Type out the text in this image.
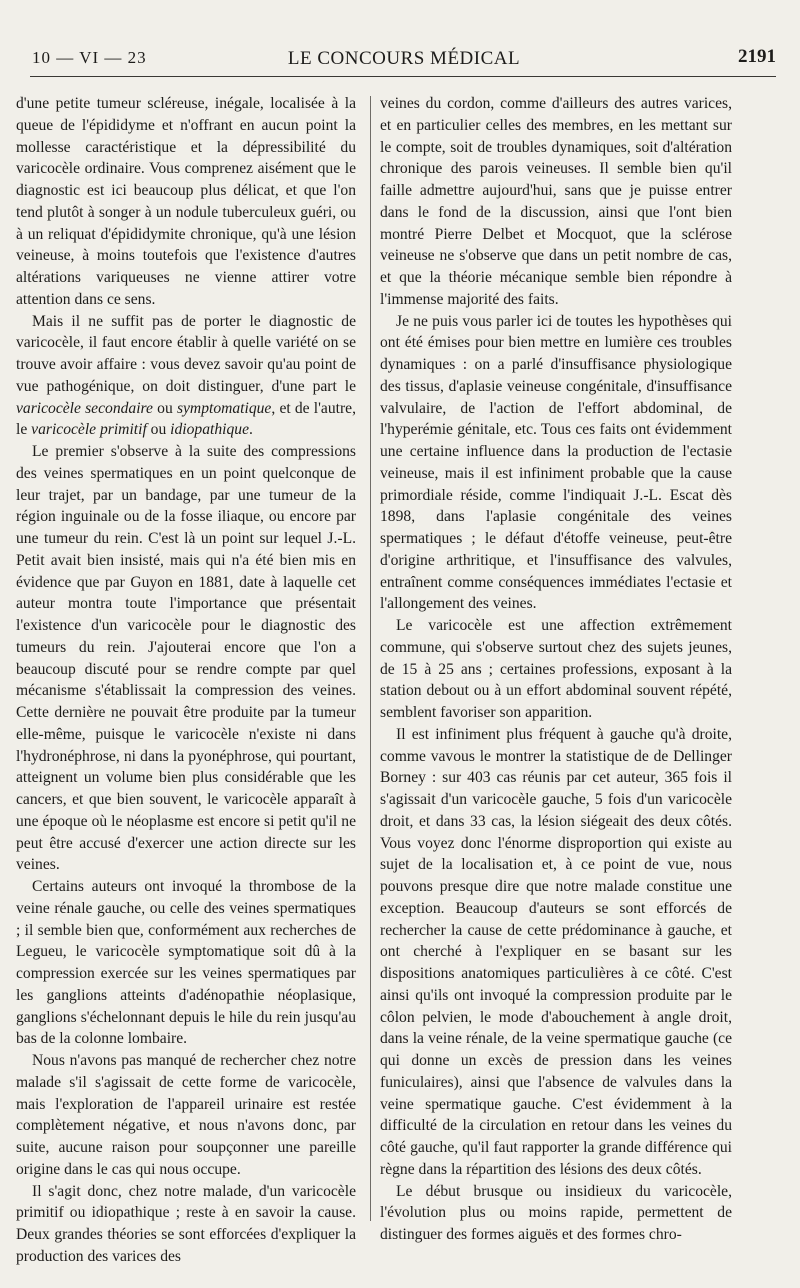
10 — VI — 23	LE CONCOURS MÉDICAL	2191

d'une petite tumeur scléreuse, inégale, localisée à la queue de l'épididyme et n'offrant en aucun point la mollesse caractéristique et la dépressibilité du varicocèle ordinaire. Vous comprenez aisément que le diagnostic est ici beaucoup plus délicat, et que l'on tend plutôt à songer à un nodule tuberculeux guéri, ou à un reliquat d'épididymite chronique, qu'à une lésion veineuse, à moins toutefois que l'existence d'autres altérations variqueuses ne vienne attirer votre attention dans ce sens.

Mais il ne suffit pas de porter le diagnostic de varicocèle, il faut encore établir à quelle variété on se trouve avoir affaire : vous devez savoir qu'au point de vue pathogénique, on doit distinguer, d'une part le varicocèle secondaire ou symptomatique, et de l'autre, le varicocèle primitif ou idiopathique.

Le premier s'observe à la suite des compressions des veines spermatiques en un point quelconque de leur trajet, par un bandage, par une tumeur de la région inguinale ou de la fosse iliaque, ou encore par une tumeur du rein. C'est là un point sur lequel J.-L. Petit avait bien insisté, mais qui n'a été bien mis en évidence que par Guyon en 1881, date à laquelle cet auteur montra toute l'importance que présentait l'existence d'un varicocèle pour le diagnostic des tumeurs du rein. J'ajouterai encore que l'on a beaucoup discuté pour se rendre compte par quel mécanisme s'établissait la compression des veines. Cette dernière ne pouvait être produite par la tumeur elle-même, puisque le varicocèle n'existe ni dans l'hydronéphrose, ni dans la pyonéphrose, qui pourtant, atteignent un volume bien plus considérable que les cancers, et que bien souvent, le varicocèle apparaît à une époque où le néoplasme est encore si petit qu'il ne peut être accusé d'exercer une action directe sur les veines.

Certains auteurs ont invoqué la thrombose de la veine rénale gauche, ou celle des veines spermatiques ; il semble bien que, conformément aux recherches de Legueu, le varicocèle symptomatique soit dû à la compression exercée sur les veines spermatiques par les ganglions atteints d'adénopathie néoplasique, ganglions s'échelonnant depuis le hile du rein jusqu'au bas de la colonne lombaire.

Nous n'avons pas manqué de rechercher chez notre malade s'il s'agissait de cette forme de varicocèle, mais l'exploration de l'appareil urinaire est restée complètement négative, et nous n'avons donc, par suite, aucune raison pour soupçonner une pareille origine dans le cas qui nous occupe.

Il s'agit donc, chez notre malade, d'un varicocèle primitif ou idiopathique ; reste à en savoir la cause. Deux grandes théories se sont efforcées d'expliquer la production des varices des

veines du cordon, comme d'ailleurs des autres varices, et en particulier celles des membres, en les mettant sur le compte, soit de troubles dynamiques, soit d'altération chronique des parois veineuses. Il semble bien qu'il faille admettre aujourd'hui, sans que je puisse entrer dans le fond de la discussion, ainsi que l'ont bien montré Pierre Delbet et Mocquot, que la sclérose veineuse ne s'observe que dans un petit nombre de cas, et que la théorie mécanique semble bien répondre à l'immense majorité des faits.

Je ne puis vous parler ici de toutes les hypothèses qui ont été émises pour bien mettre en lumière ces troubles dynamiques : on a parlé d'insuffisance physiologique des tissus, d'aplasie veineuse congénitale, d'insuffisance valvulaire, de l'action de l'effort abdominal, de l'hyperémie génitale, etc. Tous ces faits ont évidemment une certaine influence dans la production de l'ectasie veineuse, mais il est infiniment probable que la cause primordiale réside, comme l'indiquait J.-L. Escat dès 1898, dans l'aplasie congénitale des veines spermatiques ; le défaut d'étoffe veineuse, peut-être d'origine arthritique, et l'insuffisance des valvules, entraînent comme conséquences immédiates l'ectasie et l'allongement des veines.

Le varicocèle est une affection extrêmement commune, qui s'observe surtout chez des sujets jeunes, de 15 à 25 ans ; certaines professions, exposant à la station debout ou à un effort abdominal souvent répété, semblent favoriser son apparition.

Il est infiniment plus fréquent à gauche qu'à droite, comme vavous le montrer la statistique de de Dellinger Borney : sur 403 cas réunis par cet auteur, 365 fois il s'agissait d'un varicocèle gauche, 5 fois d'un varicocèle droit, et dans 33 cas, la lésion siégeait des deux côtés. Vous voyez donc l'énorme disproportion qui existe au sujet de la localisation et, à ce point de vue, nous pouvons presque dire que notre malade constitue une exception. Beaucoup d'auteurs se sont efforcés de rechercher la cause de cette prédominance à gauche, et ont cherché à l'expliquer en se basant sur les dispositions anatomiques particulières à ce côté. C'est ainsi qu'ils ont invoqué la compression produite par le côlon pelvien, le mode d'abouchement à angle droit, dans la veine rénale, de la veine spermatique gauche (ce qui donne un excès de pression dans les veines funiculaires), ainsi que l'absence de valvules dans la veine spermatique gauche. C'est évidemment à la difficulté de la circulation en retour dans les veines du côté gauche, qu'il faut rapporter la grande différence qui règne dans la répartition des lésions des deux côtés.

Le début brusque ou insidieux du varicocèle, l'évolution plus ou moins rapide, permettent de distinguer des formes aiguës et des formes chro-
